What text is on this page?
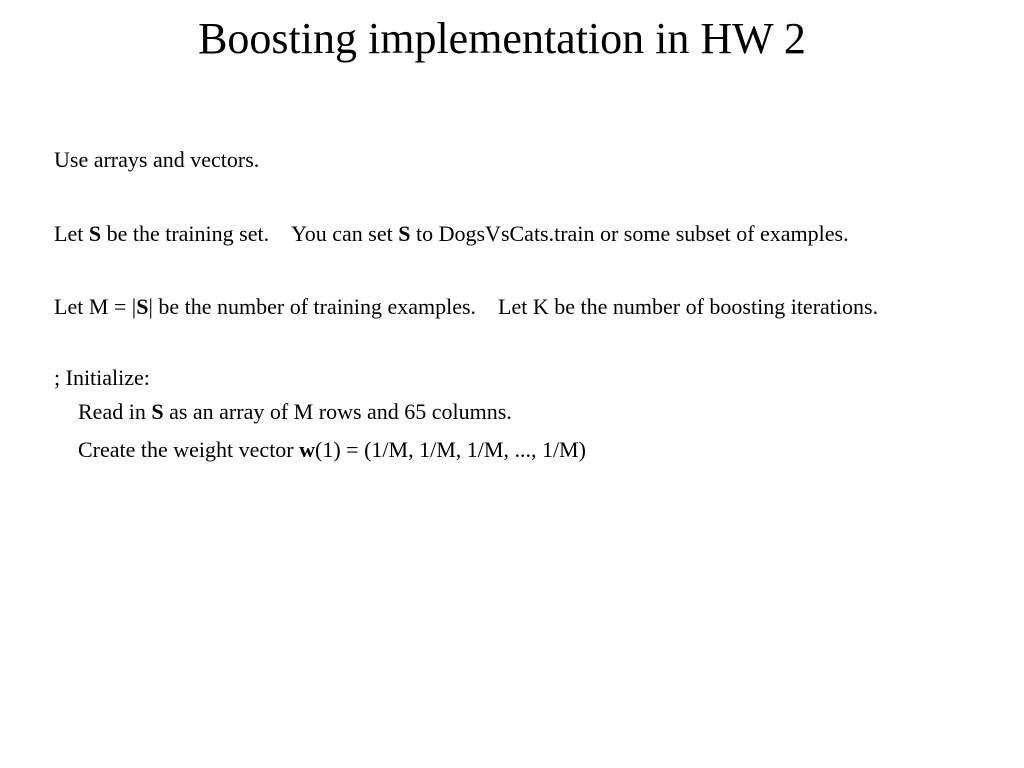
Boosting implementation in HW 2

Use arrays and vectors.

Let S be the training set. You can set S to DogsVsCats.train or some subset of examples.

Let M = |S| be the number of training examples. Let K be the number of boosting iterations.

; Initialize:

Read in S as an array of M rows and 65 columns.

Create the weight vector w(1) = (1/M, 1/M, 1/M, ..., 1/M)
